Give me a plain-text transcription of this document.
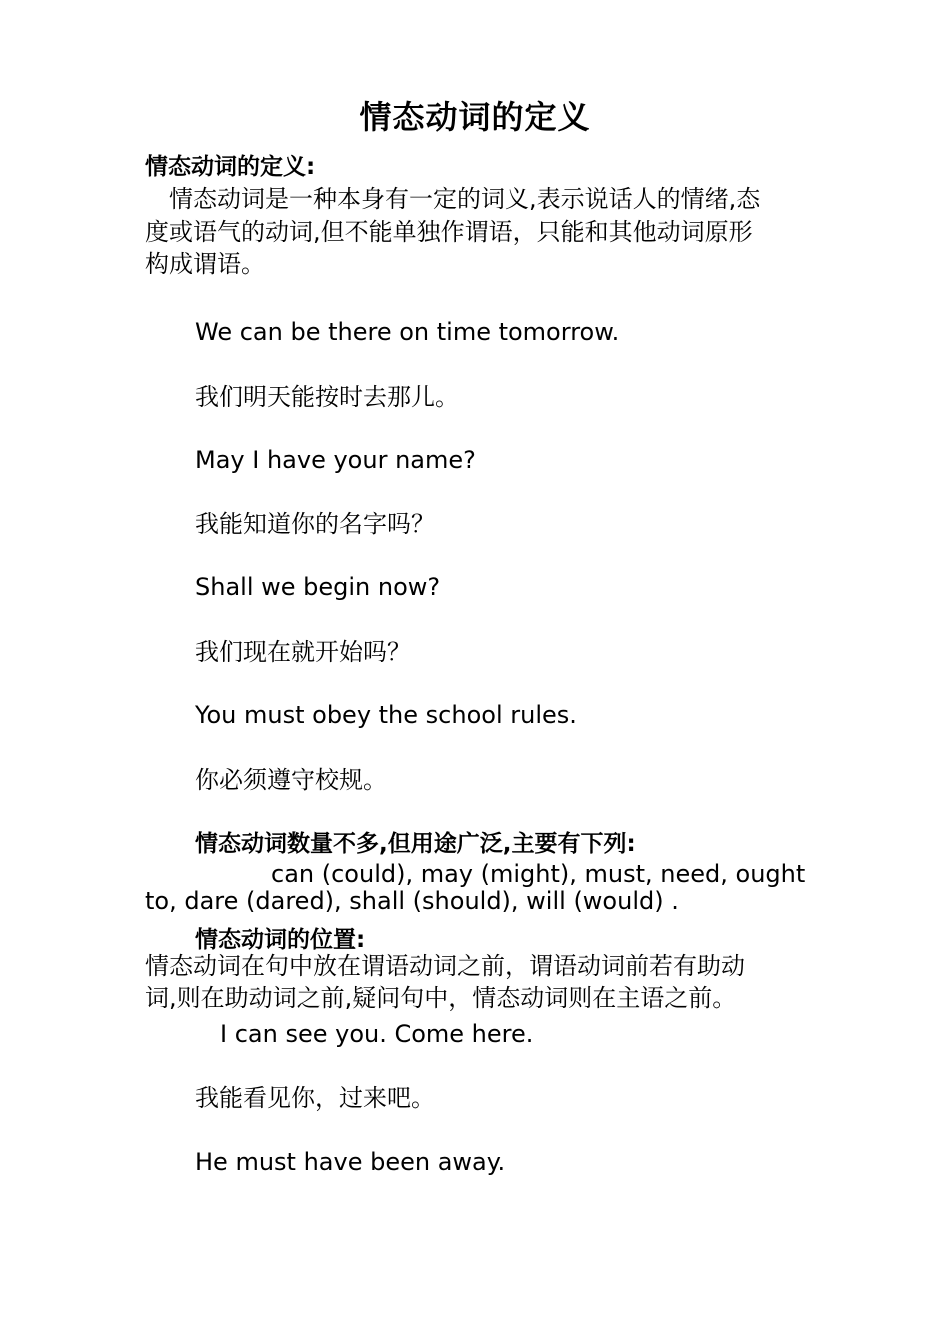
情态动词的定义
情态动词的定义:
　情态动词是一种本身有一定的词义,表示说话人的情绪,态
度或语气的动词,但不能单独作谓语，只能和其他动词原形
构成谓语。
We can be there on time tomorrow.
我们明天能按时去那儿。
May I have your name?
我能知道你的名字吗？
Shall we begin now?
我们现在就开始吗？
You must obey the school rules.
你必须遵守校规。
情态动词数量不多,但用途广泛,主要有下列:
can (could), may (might), must, need, ought
to, dare (dared), shall (should), will (would) .
情态动词的位置:
情态动词在句中放在谓语动词之前，谓语动词前若有助动
词,则在助动词之前,疑问句中，情态动词则在主语之前。
I can see you. Come here.
我能看见你，过来吧。
He must have been away.
